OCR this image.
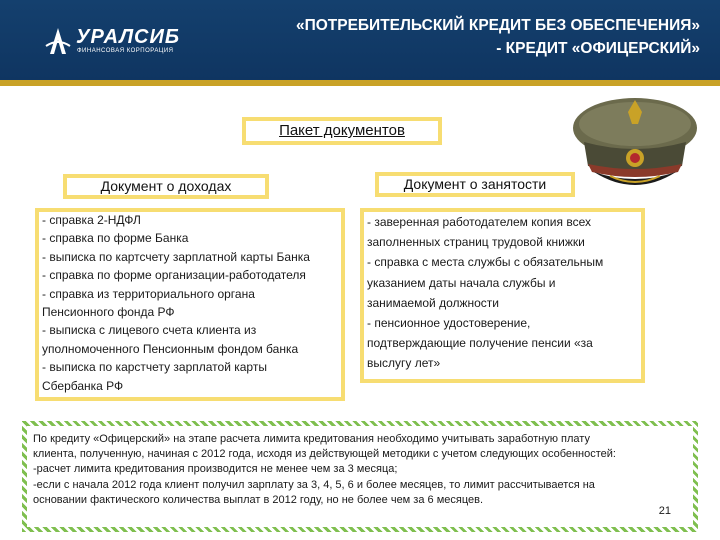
УРАЛСИБ
ФИНАНСОВАЯ КОРПОРАЦИЯ
«ПОТРЕБИТЕЛЬСКИЙ КРЕДИТ БЕЗ ОБЕСПЕЧЕНИЯ»
- КРЕДИТ «ОФИЦЕРСКИЙ»
Пакет документов
Документ о доходах	Документ о занятости
- справка 2-НДФЛ
- справка по форме Банка
- выписка по картсчету зарплатной карты Банка
- справка по форме организации-работодателя
- справка из территориального органа
Пенсионного фонда РФ
- выписка с лицевого счета клиента из
уполномоченного Пенсионным фондом банка
- выписка по карстчету зарплатой карты
Сбербанка РФ
- заверенная работодателем копия всех
заполненных страниц трудовой книжки
- справка с места службы с обязательным
указанием даты начала службы и
занимаемой должности
- пенсионное удостоверение,
подтверждающие получение пенсии «за
выслугу лет»
По кредиту «Офицерский» на этапе расчета лимита кредитования необходимо учитывать заработную плату
клиента, полученную, начиная с 2012 года, исходя из действующей методики с учетом следующих особенностей:
-расчет лимита кредитования производится не менее чем за 3 месяца;
-если с начала 2012 года клиент получил зарплату за 3, 4, 5, 6 и более месяцев, то лимит рассчитывается на
основании фактического количества выплат в 2012 году, но не более чем за 6 месяцев.
21
